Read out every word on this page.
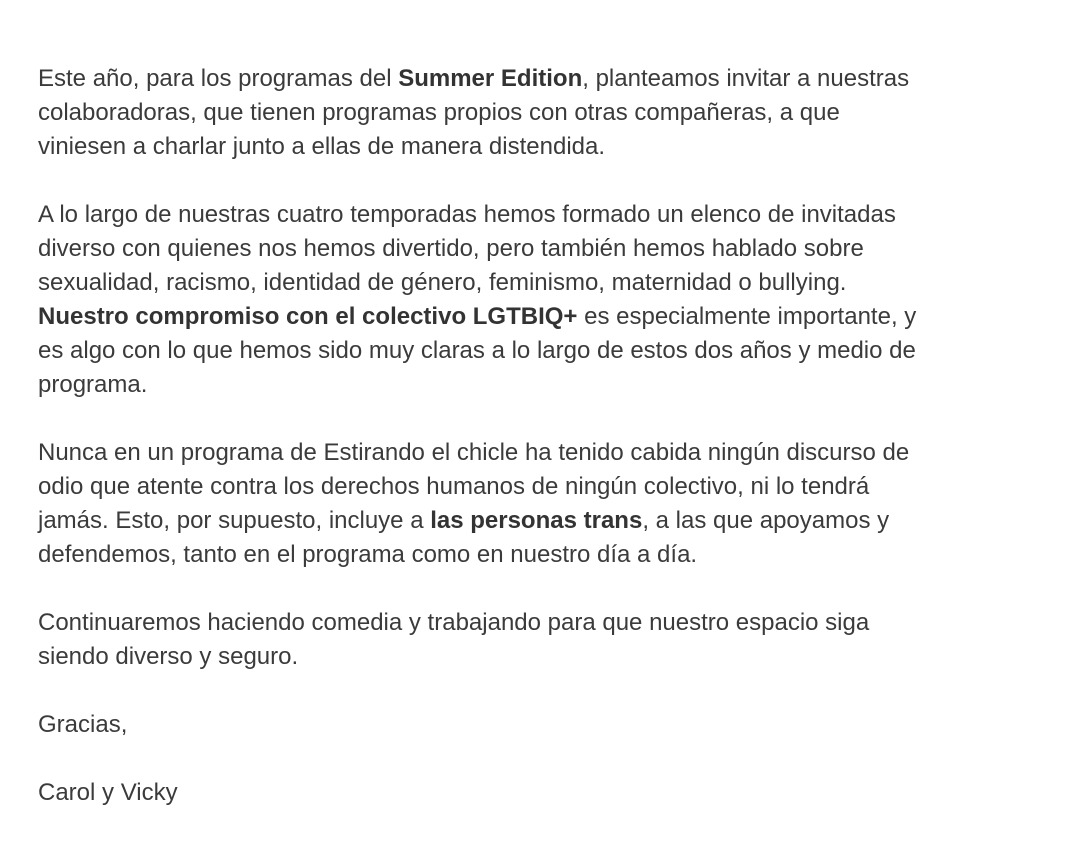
Este año, para los programas del Summer Edition, planteamos invitar a nuestras
colaboradoras, que tienen programas propios con otras compañeras, a que
viniesen a charlar junto a ellas de manera distendida.

A lo largo de nuestras cuatro temporadas hemos formado un elenco de invitadas
diverso con quienes nos hemos divertido, pero también hemos hablado sobre
sexualidad, racismo, identidad de género, feminismo, maternidad o bullying.
Nuestro compromiso con el colectivo LGTBIQ+ es especialmente importante, y
es algo con lo que hemos sido muy claras a lo largo de estos dos años y medio de
programa.

Nunca en un programa de Estirando el chicle ha tenido cabida ningún discurso de
odio que atente contra los derechos humanos de ningún colectivo, ni lo tendrá
jamás. Esto, por supuesto, incluye a las personas trans, a las que apoyamos y
defendemos, tanto en el programa como en nuestro día a día.

Continuaremos haciendo comedia y trabajando para que nuestro espacio siga
siendo diverso y seguro.

Gracias,

Carol y Vicky
